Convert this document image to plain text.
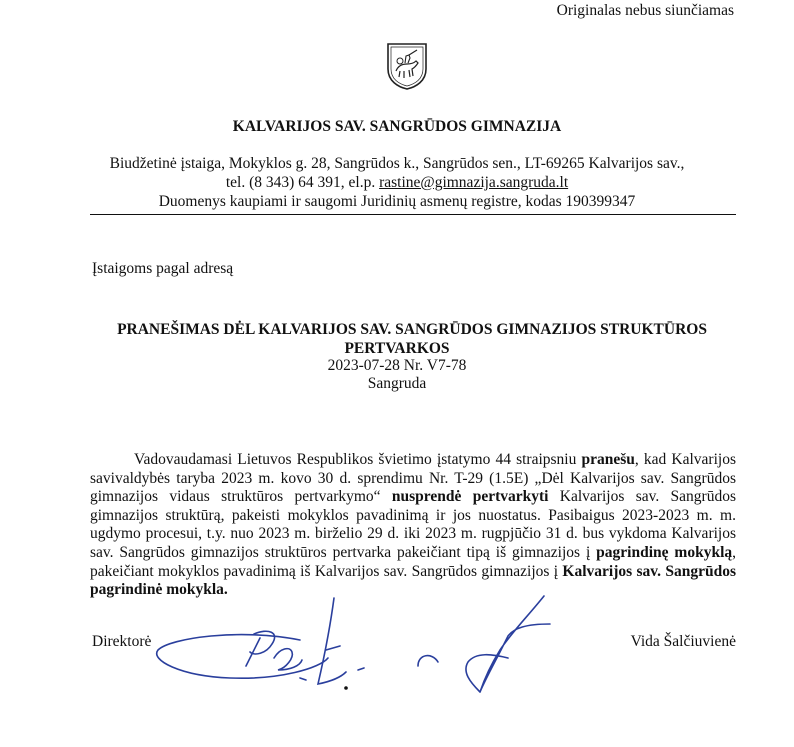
Originalas nebus siunčiamas
KALVARIJOS SAV. SANGRŪDOS GIMNAZIJA
Biudžetinė įstaiga, Mokyklos g. 28, Sangrūdos k., Sangrūdos sen., LT-69265 Kalvarijos sav.,
tel. (8 343) 64 391, el.p. rastine@gimnazija.sangruda.lt
Duomenys kaupiami ir saugomi Juridinių asmenų registre, kodas 190399347
Įstaigoms pagal adresą
PRANEŠIMAS DĖL KALVARIJOS SAV. SANGRŪDOS GIMNAZIJOS STRUKTŪROS
PERTVARKOS
2023-07-28 Nr. V7-78
Sangruda

Vadovaudamasi Lietuvos Respublikos švietimo įstatymo 44 straipsniu pranešu, kad Kalvarijos savivaldybės taryba 2023 m. kovo 30 d. sprendimu Nr. T-29 (1.5E) „Dėl Kalvarijos sav. Sangrūdos gimnazijos vidaus struktūros pertvarkymo“ nusprendė pertvarkyti Kalvarijos sav. Sangrūdos gimnazijos struktūrą, pakeisti mokyklos pavadinimą ir jos nuostatus. Pasibaigus 2023-2023 m. m. ugdymo procesui, t.y. nuo 2023 m. birželio 29 d. iki 2023 m. rugpjūčio 31 d. bus vykdoma Kalvarijos sav. Sangrūdos gimnazijos struktūros pertvarka pakeičiant tipą iš gimnazijos į pagrindinę mokyklą, pakeičiant mokyklos pavadinimą iš Kalvarijos sav. Sangrūdos gimnazijos į Kalvarijos sav. Sangrūdos pagrindinė mokykla.

Direktorė	Vida Šalčiuvienė
